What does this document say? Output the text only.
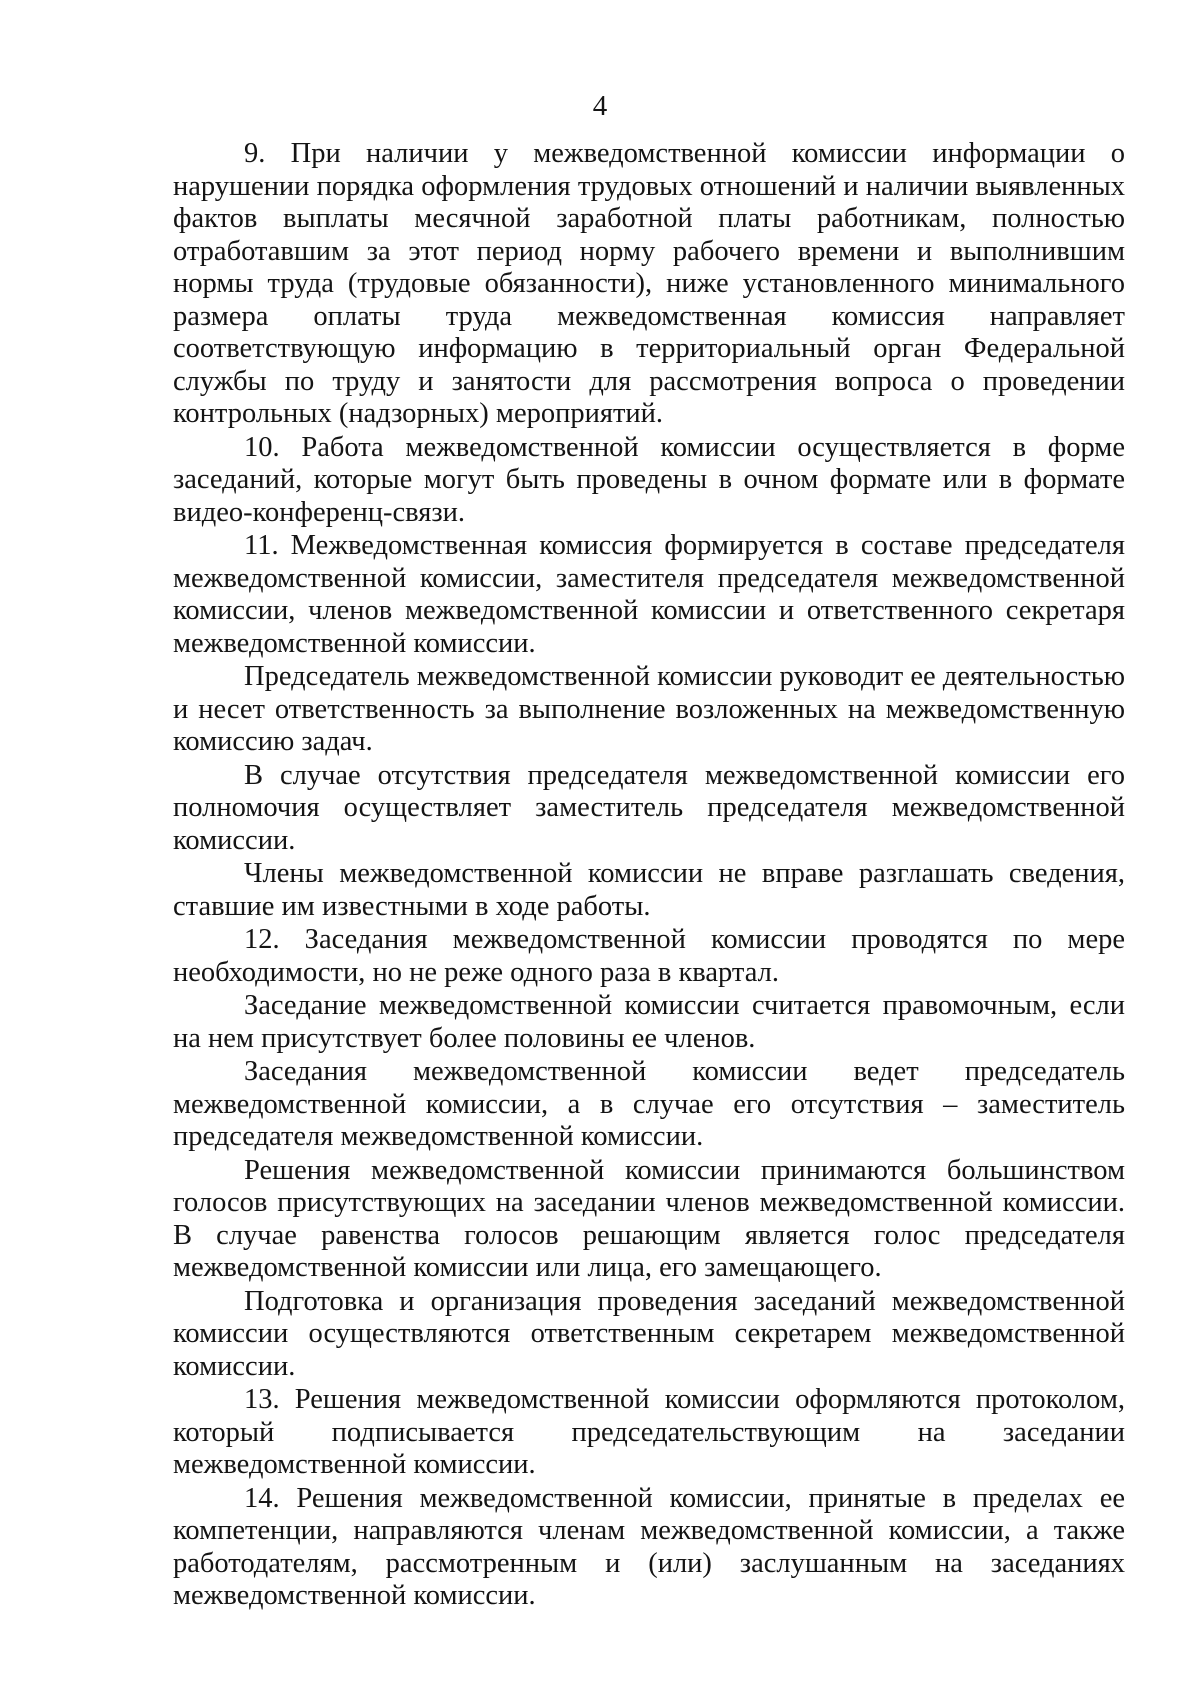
4

9. При наличии у межведомственной комиссии информации о нарушении порядка оформления трудовых отношений и наличии выявленных фактов выплаты месячной заработной платы работникам, полностью отработавшим за этот период норму рабочего времени и выполнившим нормы труда (трудовые обязанности), ниже установленного минимального размера оплаты труда межведомственная комиссия направляет соответствующую информацию в территориальный орган Федеральной службы по труду и занятости для рассмотрения вопроса о проведении контрольных (надзорных) мероприятий.

10. Работа межведомственной комиссии осуществляется в форме заседаний, которые могут быть проведены в очном формате или в формате видео-конференц-связи.

11. Межведомственная комиссия формируется в составе председателя межведомственной комиссии, заместителя председателя межведомственной комиссии, членов межведомственной комиссии и ответственного секретаря межведомственной комиссии.

Председатель межведомственной комиссии руководит ее деятельностью и несет ответственность за выполнение возложенных на межведомственную комиссию задач.

В случае отсутствия председателя межведомственной комиссии его полномочия осуществляет заместитель председателя межведомственной комиссии.

Члены межведомственной комиссии не вправе разглашать сведения, ставшие им известными в ходе работы.

12. Заседания межведомственной комиссии проводятся по мере необходимости, но не реже одного раза в квартал.

Заседание межведомственной комиссии считается правомочным, если на нем присутствует более половины ее членов.

Заседания межведомственной комиссии ведет председатель межведомственной комиссии, а в случае его отсутствия – заместитель председателя межведомственной комиссии.

Решения межведомственной комиссии принимаются большинством голосов присутствующих на заседании членов межведомственной комиссии. В случае равенства голосов решающим является голос председателя межведомственной комиссии или лица, его замещающего.

Подготовка и организация проведения заседаний межведомственной комиссии осуществляются ответственным секретарем межведомственной комиссии.

13. Решения межведомственной комиссии оформляются протоколом, который подписывается председательствующим на заседании межведомственной комиссии.

14. Решения межведомственной комиссии, принятые в пределах ее компетенции, направляются членам межведомственной комиссии, а также работодателям, рассмотренным и (или) заслушанным на заседаниях межведомственной комиссии.
